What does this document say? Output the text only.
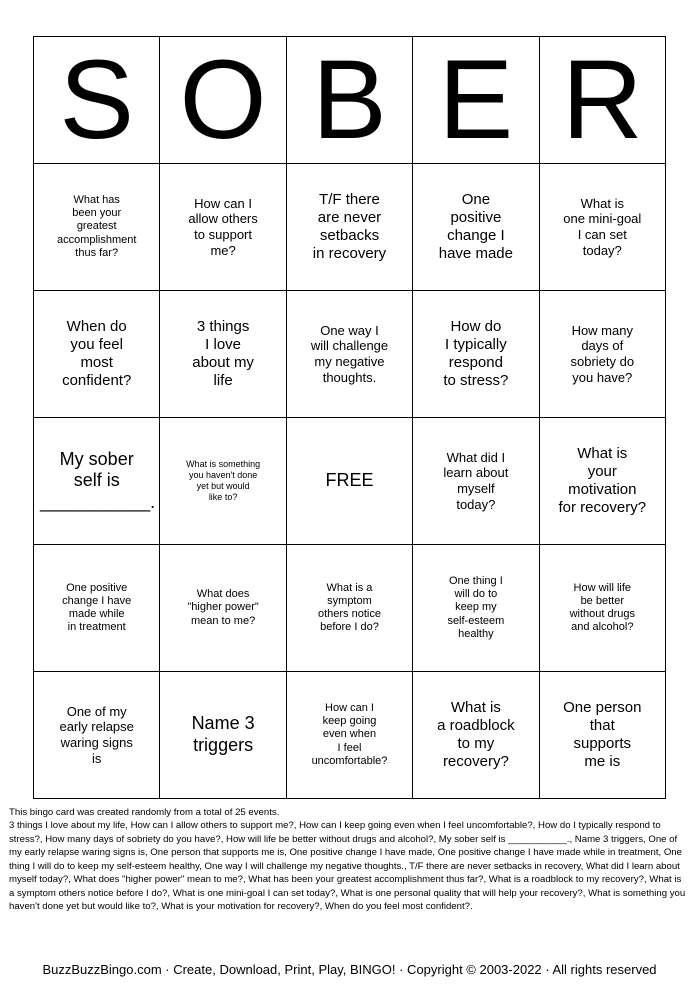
S	O	B	E	R
What has
been your
greatest
accomplishment
thus far?	How can I
allow others
to support
me?	T/F there
are never
setbacks
in recovery	One
positive
change I
have made	What is
one mini-goal
I can set
today?
When do
you feel
most
confident?	3 things
I love
about my
life	One way I
will challenge
my negative
thoughts.	How do
I typically
respond
to stress?	How many
days of
sobriety do
you have?
My sober
self is
___________.	What is something
you haven't done
yet but would
like to?	FREE	What did I
learn about
myself
today?	What is
your
motivation
for recovery?
One positive
change I have
made while
in treatment	What does
"higher power"
mean to me?	What is a
symptom
others notice
before I do?	One thing I
will do to
keep my
self-esteem
healthy	How will life
be better
without drugs
and alcohol?
One of my
early relapse
waring signs
is	Name 3
triggers	How can I
keep going
even when
I feel
uncomfortable?	What is
a roadblock
to my
recovery?	One person
that
supports
me is

This bingo card was created randomly from a total of 25 events.

3 things I love about my life, How can I allow others to support me?, How can I keep going even when I feel uncomfortable?, How do I typically respond to stress?, How many days of sobriety do you have?, How will life be better without drugs and alcohol?, My sober self is ___________., Name 3 triggers, One of my early relapse waring signs is, One person that supports me is, One positive change I have made, One positive change I have made while in treatment, One thing I will do to keep my self-esteem healthy, One way I will challenge my negative thoughts., T/F there are never setbacks in recovery, What did I learn about myself today?, What does "higher power" mean to me?, What has been your greatest accomplishment thus far?, What is a roadblock to my recovery?, What is a symptom others notice before I do?, What is one mini-goal I can set today?, What is one personal quality that will help your recovery?, What is something you haven't done yet but would like to?, What is your motivation for recovery?, When do you feel most confident?.

BuzzBuzzBingo.com · Create, Download, Print, Play, BINGO! · Copyright © 2003-2022 · All rights reserved
